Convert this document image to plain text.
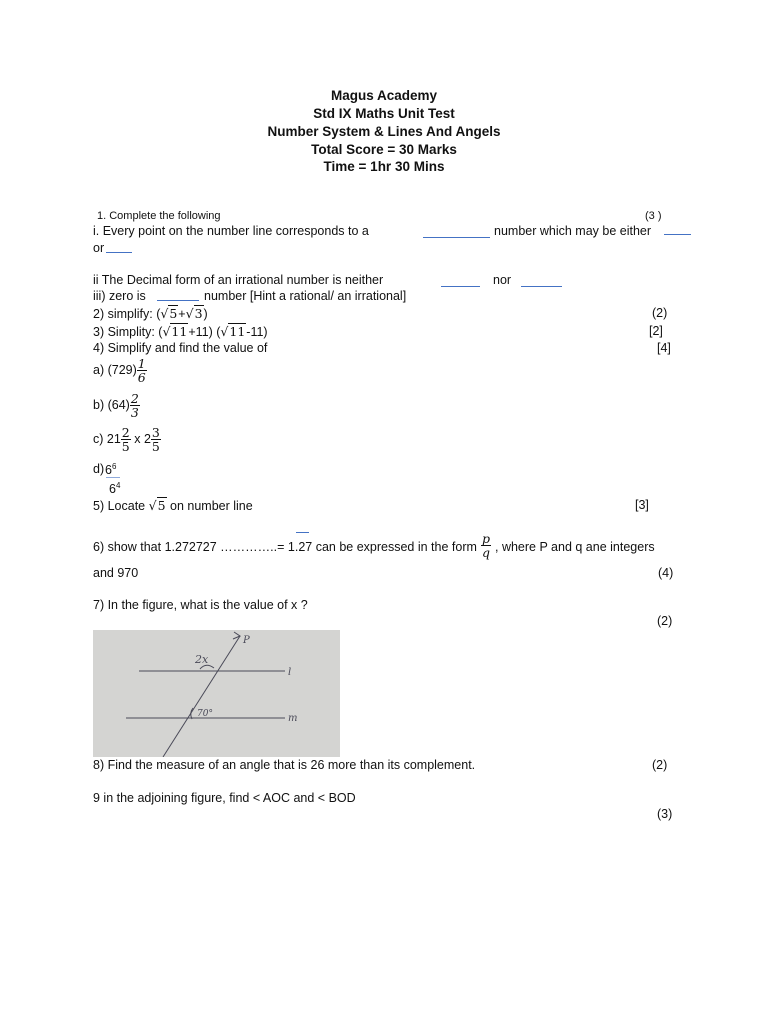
Magus Academy
Std IX Maths Unit Test
Number System & Lines And Angels
Total Score = 30 Marks
Time = 1hr 30 Mins
1. Complete the following	(3 )
i. Every point on the number line corresponds to a	number which may be either
or
ii The Decimal form of an irrational number is neither	nor
iii) zero is	number [Hint a rational/ an irrational]
2) simplify: (√5+√3)	(2)
3) Simplity: (√11+11) (√11-11)	[2]
4) Simplify and find the value of	[4]
a) $(729) \frac{1}{6}$
b) $(64) \frac{2}{3}$
c) $21 \frac{2}{5}$ x $2 \frac{3}{5}$
d) $6^6$
$6^4$
5) Locate √5 on number line	[3]
6) show that 1.272727 …………..= 1.27 can be expressed in the form $\frac{p}{q}$ , where P and q ane integers
and 970	(4)
7) In the figure, what is the value of x ?
(2)
2x
70°
P
l
m
8) Find the measure of an angle that is 26 more than its complement.	(2)
9 in the adjoining figure, find < AOC and < BOD
(3)
